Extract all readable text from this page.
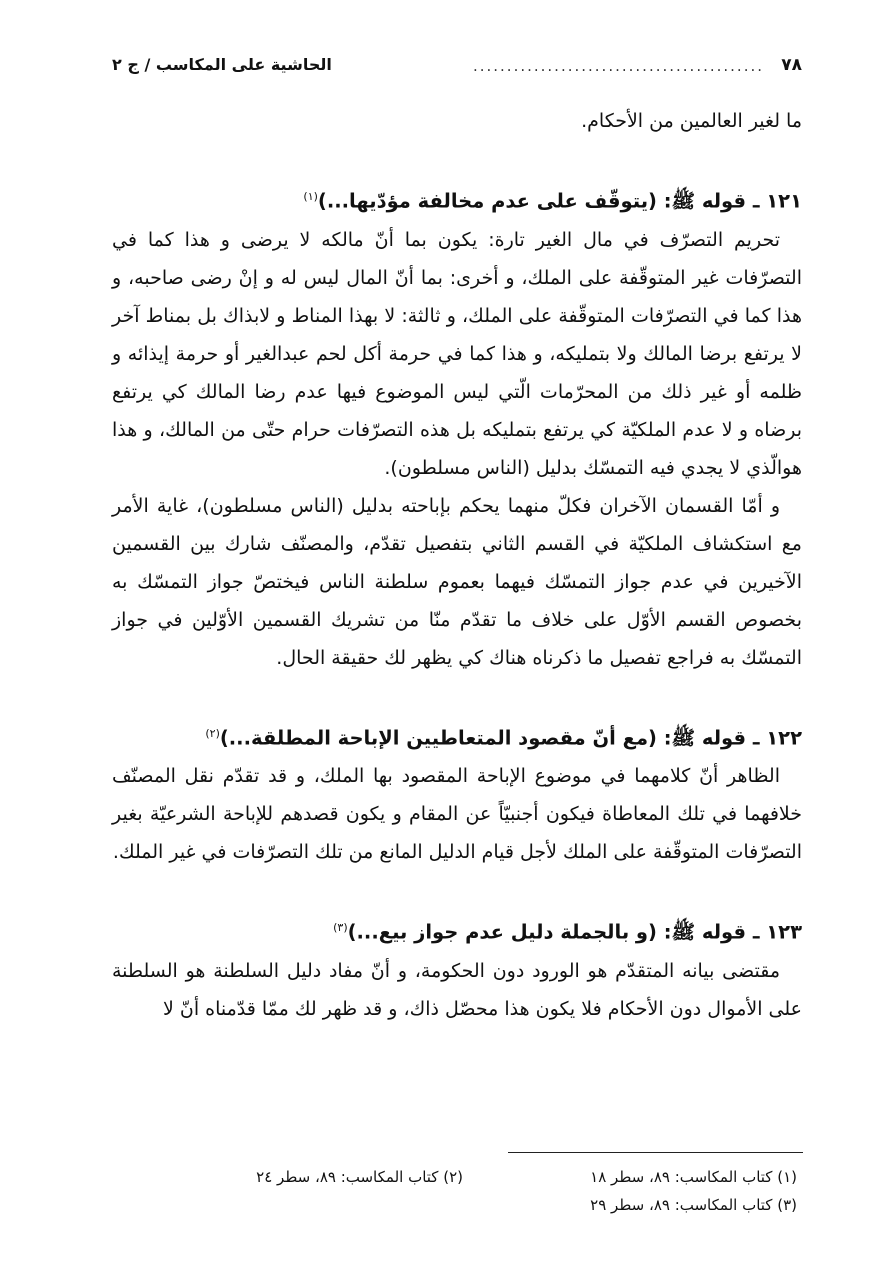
٧٨
...........................................
الحاشية على المكاسب / ج ٢

ما لغير العالمين من الأحكام.

١٢١ ـ قوله ﷺ: (يتوقّف على عدم مخالفة مؤدّيها...)$^{(١)}$

تحريم التصرّف في مال الغير تارة: يكون بما أنّ مالكه لا يرضى و هذا كما في التصرّفات غير المتوقّفة على الملك، و أخرى: بما أنّ المال ليس له و إنْ رضى صاحبه، و هذا كما في التصرّفات المتوقّفة على الملك، و ثالثة: لا بهذا المناط و لابذاك بل بمناط آخر لا يرتفع برضا المالك ولا بتمليكه، و هذا كما في حرمة أكل لحم عبدالغير أو حرمة إيذائه و ظلمه أو غير ذلك من المحرّمات الّتي ليس الموضوع فيها عدم رضا المالك كي يرتفع برضاه و لا عدم الملكيّة كي يرتفع بتمليكه بل هذه التصرّفات حرام حتّى من المالك، و هذا هوالّذي لا يجدي فيه التمسّك بدليل (الناس مسلطون).

و أمّا القسمان الآخران فكلّ منهما يحكم بإباحته بدليل (الناس مسلطون)، غاية الأمر مع استكشاف الملكيّة في القسم الثاني بتفصيل تقدّم، والمصنّف شارك بين القسمين الآخيرين في عدم جواز التمسّك فيهما بعموم سلطنة الناس فيختصّ جواز التمسّك به بخصوص القسم الأوّل على خلاف ما تقدّم منّا من تشريك القسمين الأوّلين في جواز التمسّك به فراجع تفصيل ما ذكرناه هناك كي يظهر لك حقيقة الحال.

١٢٢ ـ قوله ﷺ: (مع أنّ مقصود المتعاطيين الإباحة المطلقة...)$^{(٢)}$

الظاهر أنّ كلامهما في موضوع الإباحة المقصود بها الملك، و قد تقدّم نقل المصنّف خلافهما في تلك المعاطاة فيكون أجنبيّاً عن المقام و يكون قصدهم للإباحة الشرعيّة بغير التصرّفات المتوقّفة على الملك لأجل قيام الدليل المانع من تلك التصرّفات في غير الملك.

١٢٣ ـ قوله ﷺ: (و بالجملة دليل عدم جواز بيع...)$^{(٣)}$

مقتضى بيانه المتقدّم هو الورود دون الحكومة، و أنّ مفاد دليل السلطنة هو السلطنة على الأموال دون الأحكام فلا يكون هذا محصّل ذاك، و قد ظهر لك ممّا قدّمناه أنّ لا

(١) كتاب المكاسب: ٨٩، سطر ١٨
(٢) كتاب المكاسب: ٨٩، سطر ٢٤
(٣) كتاب المكاسب: ٨٩، سطر ٢٩
